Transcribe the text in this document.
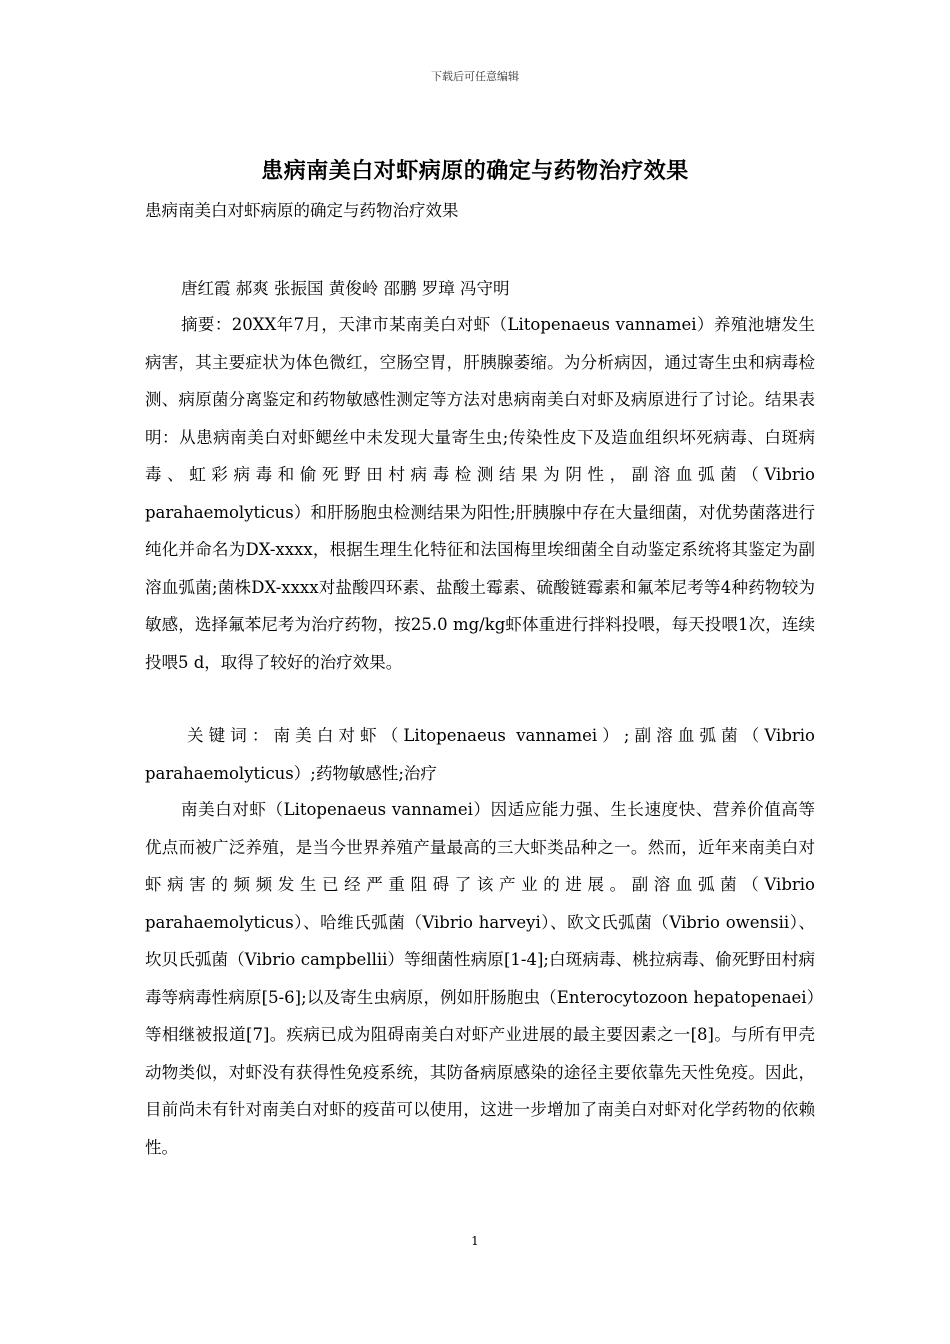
下载后可任意编辑
患病南美白对虾病原的确定与药物治疗效果
患病南美白对虾病原的确定与药物治疗效果
唐红霞 郝爽 张振国 黄俊岭 邵鹏 罗璋 冯守明
摘要：20XX年7月，天津市某南美白对虾（Litopenaeus vannamei）养殖池塘发生病害，其主要症状为体色微红，空肠空胃，肝胰腺萎缩。为分析病因，通过寄生虫和病毒检测、病原菌分离鉴定和药物敏感性测定等方法对患病南美白对虾及病原进行了讨论。结果表明：从患病南美白对虾鳃丝中未发现大量寄生虫;传染性皮下及造血组织坏死病毒、白斑病毒、虹彩病毒和偷死野田村病毒检测结果为阴性，副溶血弧菌（Vibrio parahaemolyticus）和肝肠胞虫检测结果为阳性;肝胰腺中存在大量细菌，对优势菌落进行纯化并命名为DX-xxxx，根据生理生化特征和法国梅里埃细菌全自动鉴定系统将其鉴定为副溶血弧菌;菌株DX-xxxx对盐酸四环素、盐酸土霉素、硫酸链霉素和氟苯尼考等4种药物较为敏感，选择氟苯尼考为治疗药物，按25.0 mg/kg虾体重进行拌料投喂，每天投喂1次，连续投喂5 d，取得了较好的治疗效果。
关键词：南美白对虾（Litopenaeus vannamei）;副溶血弧菌（Vibrio parahaemolyticus）;药物敏感性;治疗
南美白对虾（Litopenaeus vannamei）因适应能力强、生长速度快、营养价值高等优点而被广泛养殖，是当今世界养殖产量最高的三大虾类品种之一。然而，近年来南美白对虾病害的频频发生已经严重阻碍了该产业的进展。副溶血弧菌（Vibrio parahaemolyticus）、哈维氏弧菌（Vibrio harveyi）、欧文氏弧菌（Vibrio owensii）、坎贝氏弧菌（Vibrio campbellii）等细菌性病原[1-4];白斑病毒、桃拉病毒、偷死野田村病毒等病毒性病原[5-6];以及寄生虫病原，例如肝肠胞虫（Enterocytozoon hepatopenaei）等相继被报道[7]。疾病已成为阻碍南美白对虾产业进展的最主要因素之一[8]。与所有甲壳动物类似，对虾没有获得性免疫系统，其防备病原感染的途径主要依靠先天性免疫。因此，目前尚未有针对南美白对虾的疫苗可以使用，这进一步增加了南美白对虾对化学药物的依赖性。
1
